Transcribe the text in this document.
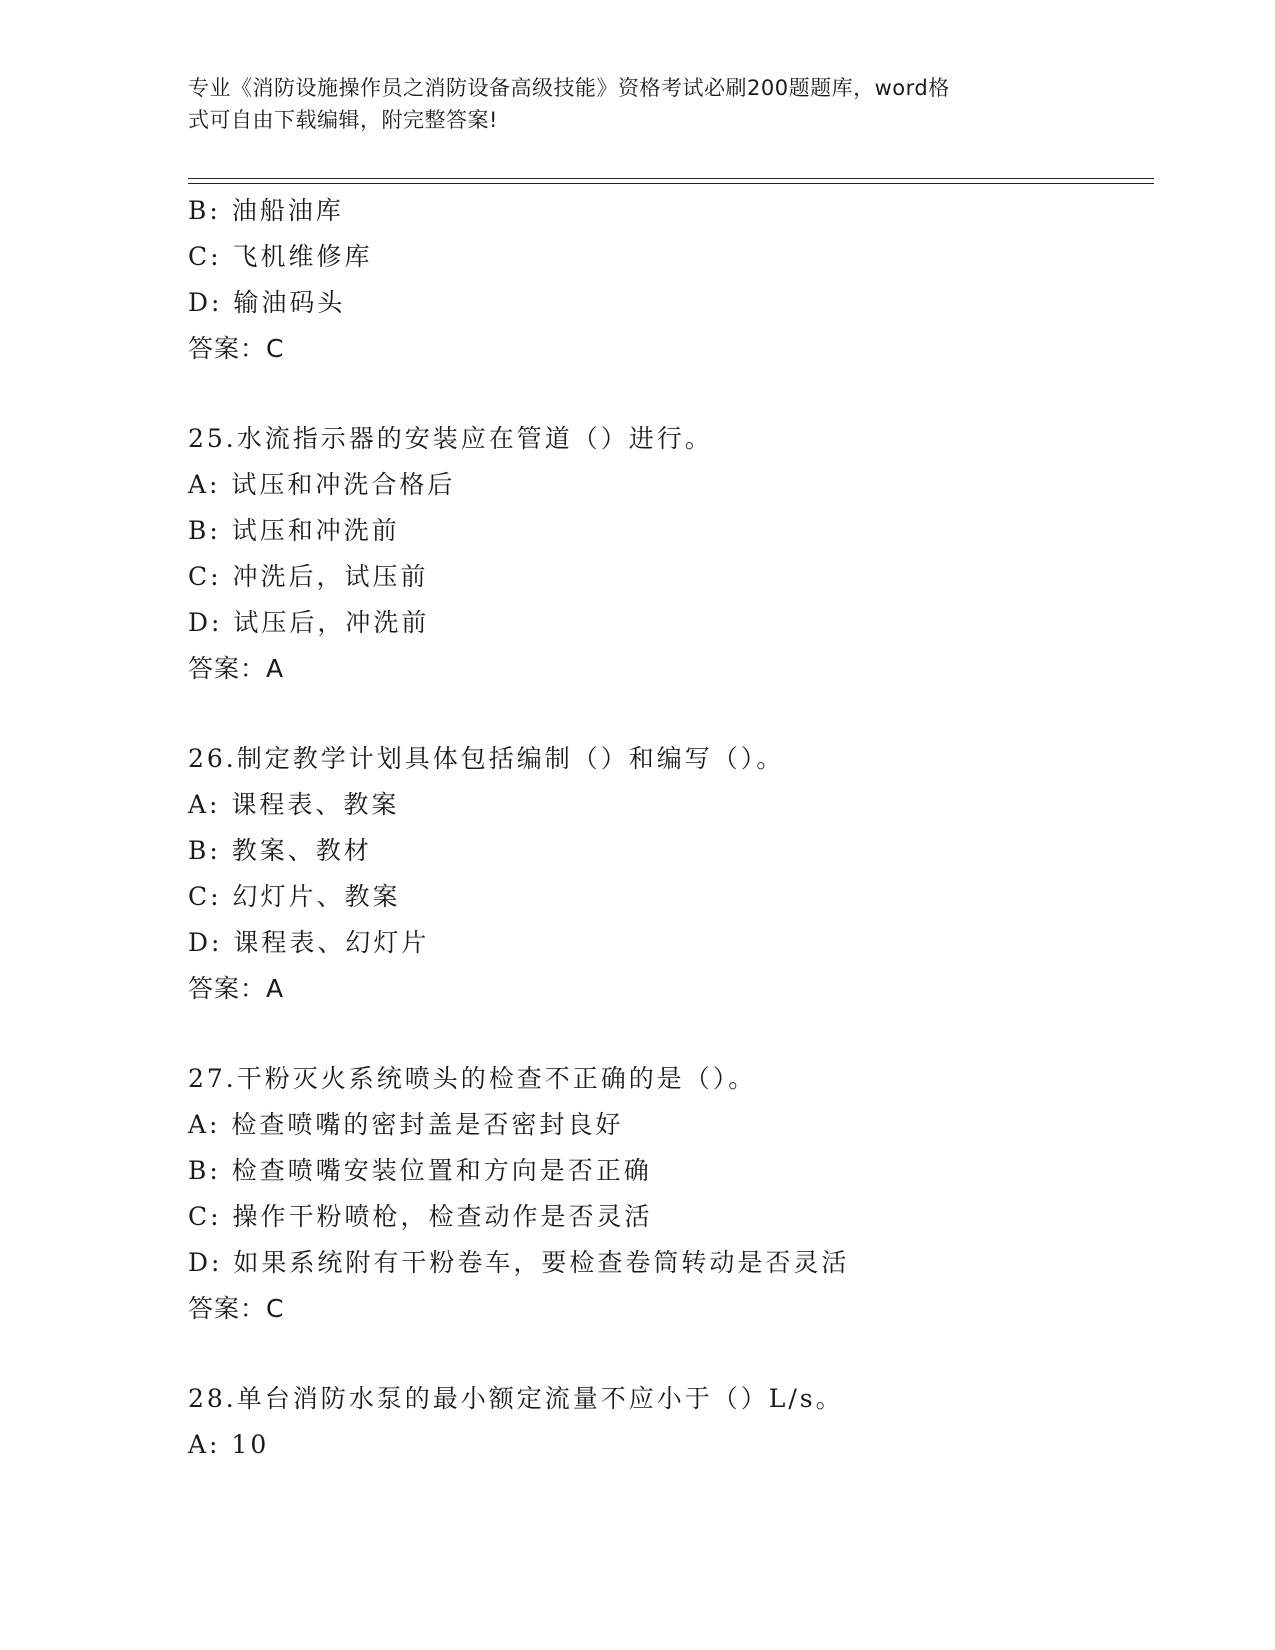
专业《消防设施操作员之消防设备高级技能》资格考试必刷200题题库，word格
式可自由下载编辑，附完整答案!
B: 油船油库
C: 飞机维修库
D: 输油码头
答案：C
25.水流指示器的安装应在管道（）进行。
A: 试压和冲洗合格后
B: 试压和冲洗前
C: 冲洗后，试压前
D: 试压后，冲洗前
答案：A
26.制定教学计划具体包括编制（）和编写（）。
A: 课程表、教案
B: 教案、教材
C: 幻灯片、教案
D: 课程表、幻灯片
答案：A
27.干粉灭火系统喷头的检查不正确的是（）。
A: 检查喷嘴的密封盖是否密封良好
B: 检查喷嘴安装位置和方向是否正确
C: 操作干粉喷枪，检查动作是否灵活
D: 如果系统附有干粉卷车，要检查卷筒转动是否灵活
答案：C
28.单台消防水泵的最小额定流量不应小于（）L/s。
A: 10
